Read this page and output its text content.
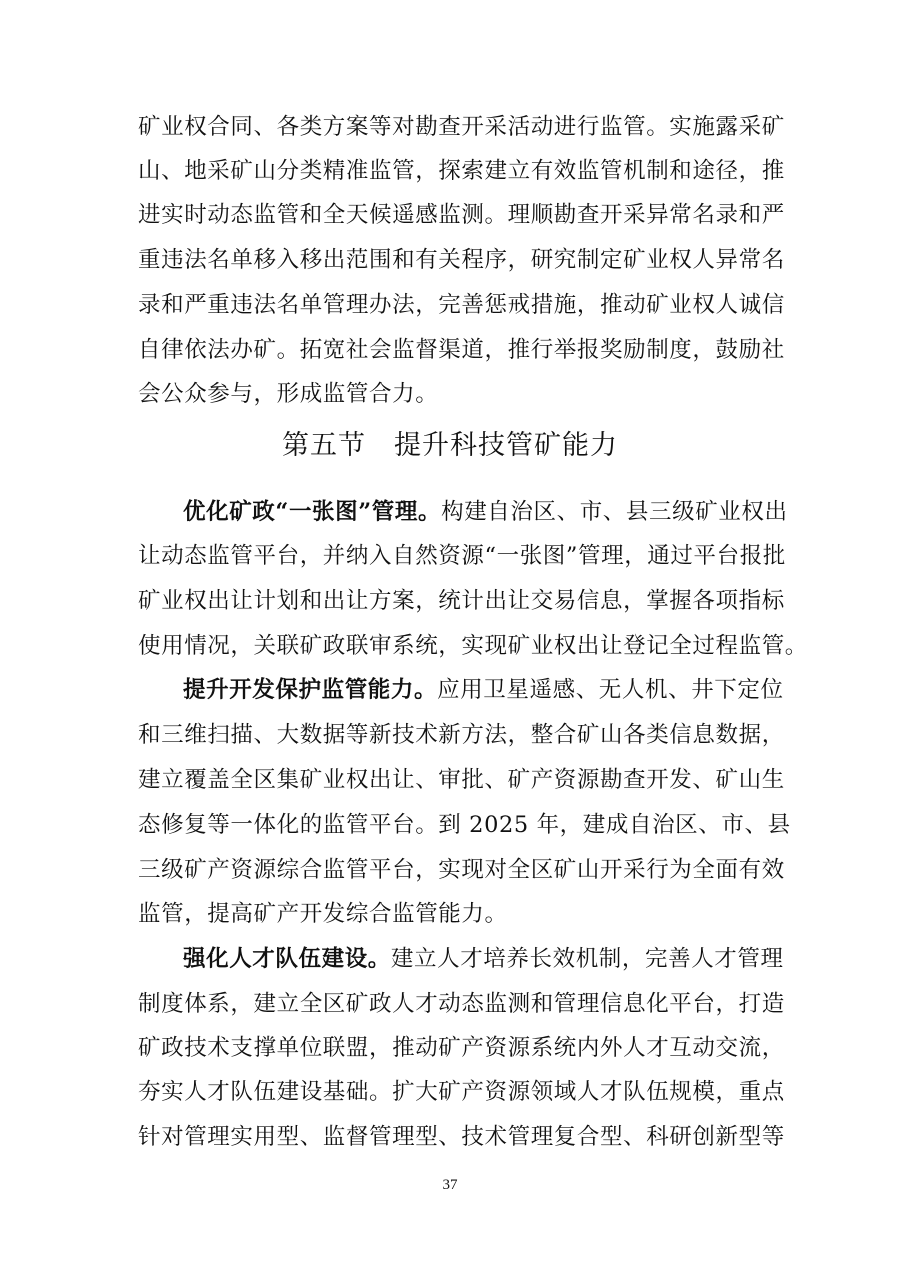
矿业权合同、各类方案等对勘查开采活动进行监管。实施露采矿
山、地采矿山分类精准监管，探索建立有效监管机制和途径，推
进实时动态监管和全天候遥感监测。理顺勘查开采异常名录和严
重违法名单移入移出范围和有关程序，研究制定矿业权人异常名
录和严重违法名单管理办法，完善惩戒措施，推动矿业权人诚信
自律依法办矿。拓宽社会监督渠道，推行举报奖励制度，鼓励社
会公众参与，形成监管合力。
第五节　提升科技管矿能力
优化矿政“一张图”管理。 构建自治区、市、县三级矿业权出
让动态监管平台，并纳入自然资源“一张图”管理，通过平台报批
矿业权出让计划和出让方案，统计出让交易信息，掌握各项指标
使用情况，关联矿政联审系统，实现矿业权出让登记全过程监管。
提升开发保护监管能力。 应用卫星遥感、无人机、井下定位
和三维扫描、大数据等新技术新方法，整合矿山各类信息数据，
建立覆盖全区集矿业权出让、审批、矿产资源勘查开发、矿山生
态修复等一体化的监管平台。到 2025 年，建成自治区、市、县
三级矿产资源综合监管平台，实现对全区矿山开采行为全面有效
监管，提高矿产开发综合监管能力。
强化人才队伍建设。 建立人才培养长效机制，完善人才管理
制度体系，建立全区矿政人才动态监测和管理信息化平台，打造
矿政技术支撑单位联盟，推动矿产资源系统内外人才互动交流，
夯实人才队伍建设基础。扩大矿产资源领域人才队伍规模，重点
针对管理实用型、监督管理型、技术管理复合型、科研创新型等
37
